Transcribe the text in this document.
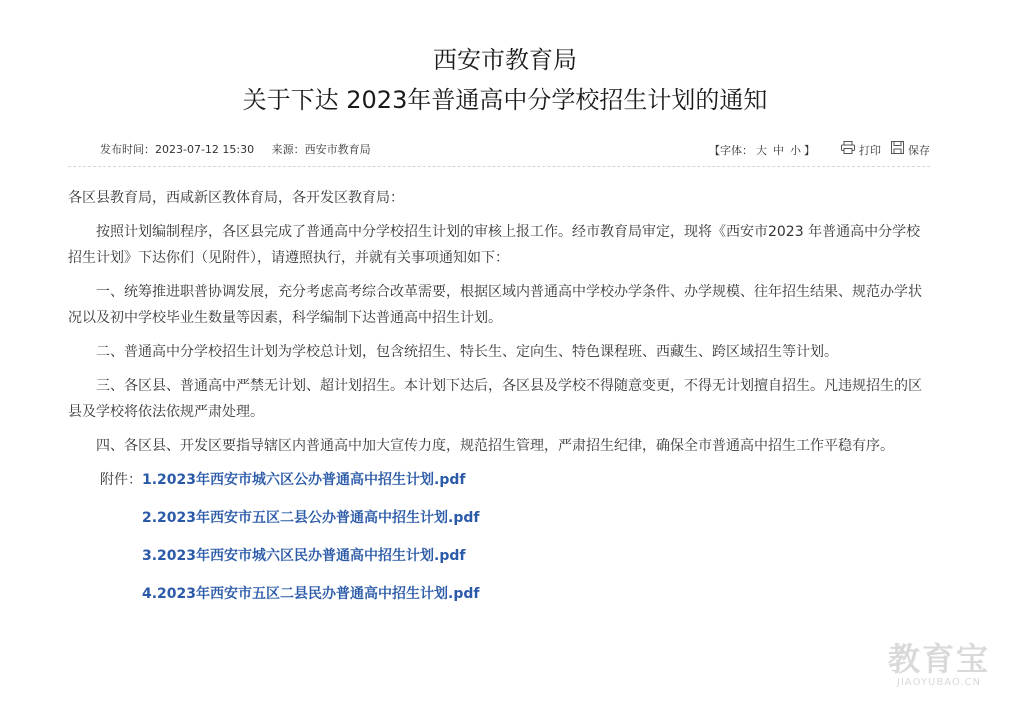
西安市教育局
关于下达 2023年普通高中分学校招生计划的通知
发布时间：2023-07-12 15:30 来源：西安市教育局	【字体： 大 中 小 】	打印 保存

各区县教育局，西咸新区教体育局，各开发区教育局：

按照计划编制程序，各区县完成了普通高中分学校招生计划的审核上报工作。经市教育局审定，现将《西安市2023 年普通高中分学校招生计划》下达你们（见附件），请遵照执行，并就有关事项通知如下：

一、统筹推进职普协调发展，充分考虑高考综合改革需要，根据区域内普通高中学校办学条件、办学规模、往年招生结果、规范办学状况以及初中学校毕业生数量等因素，科学编制下达普通高中招生计划。

二、普通高中分学校招生计划为学校总计划，包含统招生、特长生、定向生、特色课程班、西藏生、跨区域招生等计划。

三、各区县、普通高中严禁无计划、超计划招生。本计划下达后，各区县及学校不得随意变更，不得无计划擅自招生。凡违规招生的区县及学校将依法依规严肃处理。

四、各区县、开发区要指导辖区内普通高中加大宣传力度，规范招生管理，严肃招生纪律，确保全市普通高中招生工作平稳有序。

附件： 1.2023年西安市城六区公办普通高中招生计划.pdf
2.2023年西安市五区二县公办普通高中招生计划.pdf
3.2023年西安市城六区民办普通高中招生计划.pdf
4.2023年西安市五区二县民办普通高中招生计划.pdf
教育宝
JIAOYUBAO.CN
